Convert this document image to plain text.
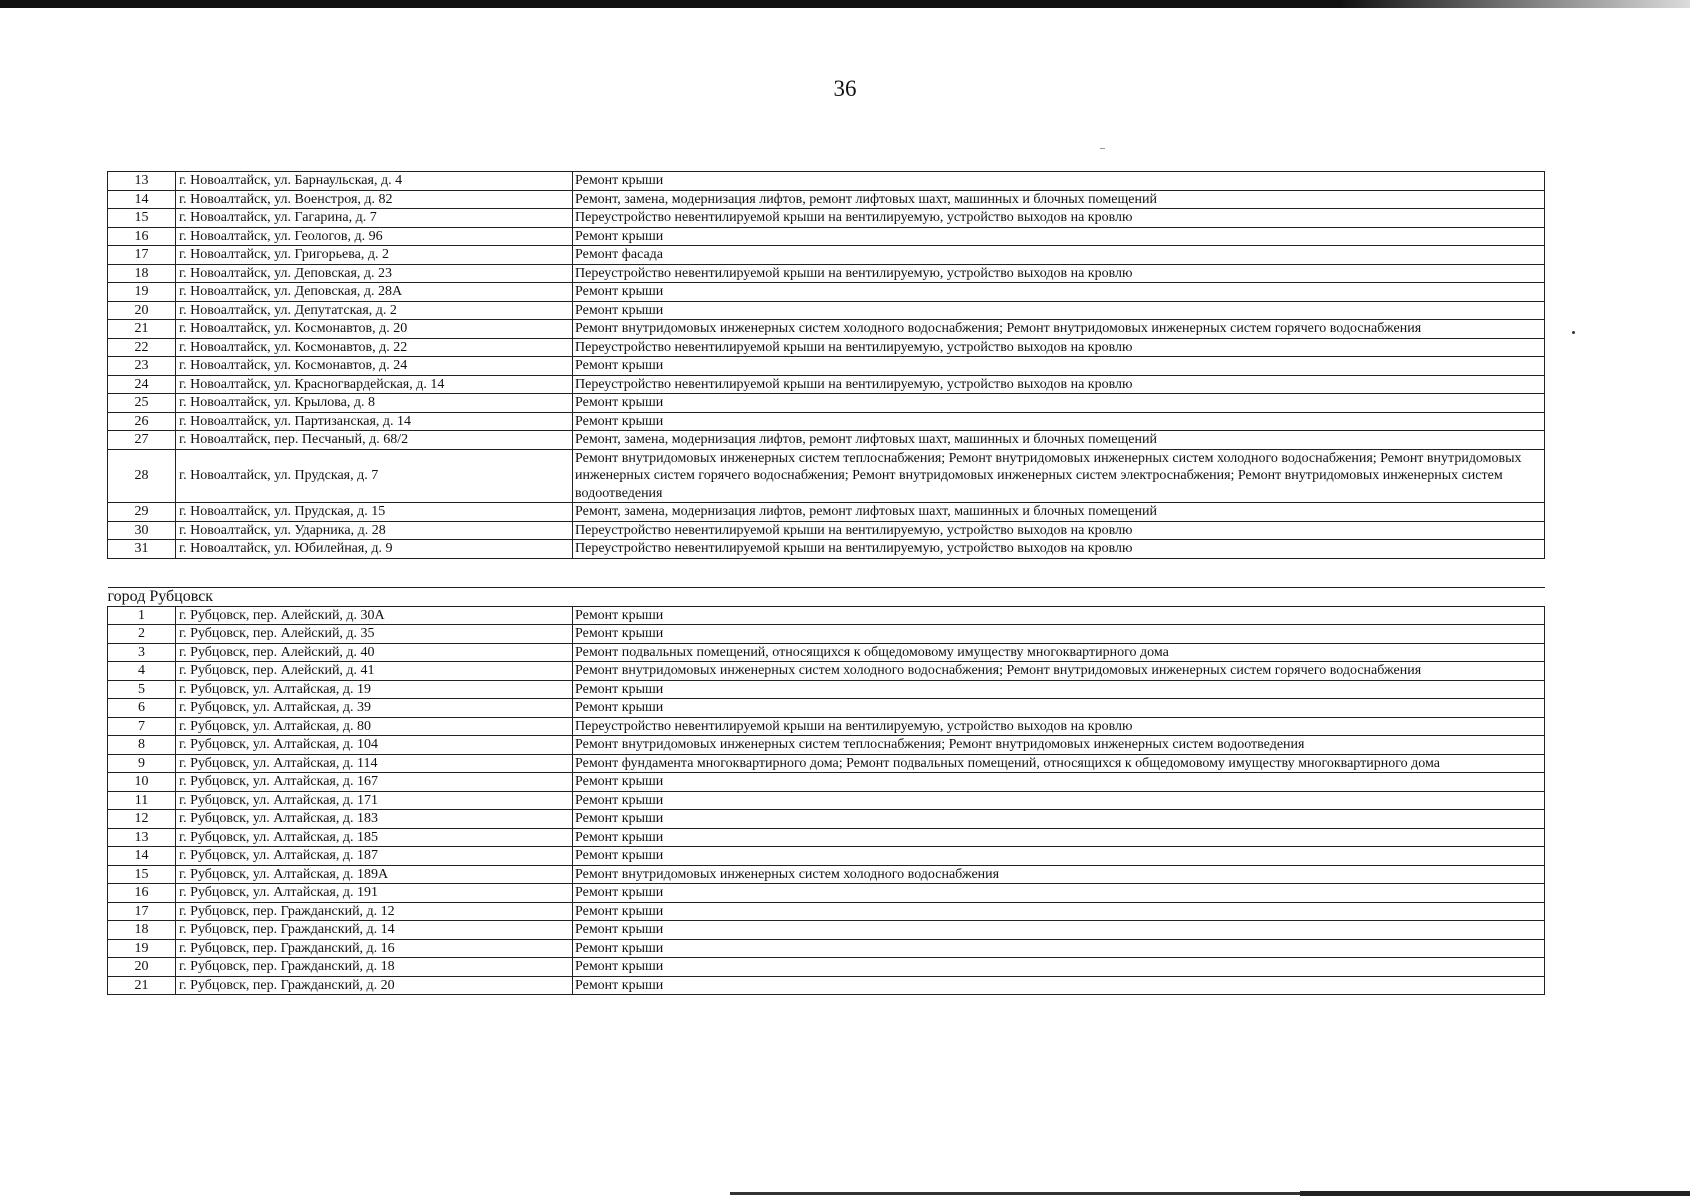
36
13	г. Новоалтайск, ул. Барнаульская, д. 4	Ремонт крыши
14	г. Новоалтайск, ул. Военстроя, д. 82	Ремонт, замена, модернизация лифтов, ремонт лифтовых шахт, машинных и блочных помещений
15	г. Новоалтайск, ул. Гагарина, д. 7	Переустройство невентилируемой крыши на вентилируемую, устройство выходов на кровлю
16	г. Новоалтайск, ул. Геологов, д. 96	Ремонт крыши
17	г. Новоалтайск, ул. Григорьева, д. 2	Ремонт фасада
18	г. Новоалтайск, ул. Деповская, д. 23	Переустройство невентилируемой крыши на вентилируемую, устройство выходов на кровлю
19	г. Новоалтайск, ул. Деповская, д. 28А	Ремонт крыши
20	г. Новоалтайск, ул. Депутатская, д. 2	Ремонт крыши
21	г. Новоалтайск, ул. Космонавтов, д. 20	Ремонт внутридомовых инженерных систем холодного водоснабжения; Ремонт внутридомовых инженерных систем горячего водоснабжения
22	г. Новоалтайск, ул. Космонавтов, д. 22	Переустройство невентилируемой крыши на вентилируемую, устройство выходов на кровлю
23	г. Новоалтайск, ул. Космонавтов, д. 24	Ремонт крыши
24	г. Новоалтайск, ул. Красногвардейская, д. 14	Переустройство невентилируемой крыши на вентилируемую, устройство выходов на кровлю
25	г. Новоалтайск, ул. Крылова, д. 8	Ремонт крыши
26	г. Новоалтайск, ул. Партизанская, д. 14	Ремонт крыши
27	г. Новоалтайск, пер. Песчаный, д. 68/2	Ремонт, замена, модернизация лифтов, ремонт лифтовых шахт, машинных и блочных помещений
28	г. Новоалтайск, ул. Прудская, д. 7	Ремонт внутридомовых инженерных систем теплоснабжения; Ремонт внутридомовых инженерных систем холодного водоснабжения; Ремонт внутридомовых инженерных систем горячего водоснабжения; Ремонт внутридомовых инженерных систем электроснабжения; Ремонт внутридомовых инженерных систем водоотведения
29	г. Новоалтайск, ул. Прудская, д. 15	Ремонт, замена, модернизация лифтов, ремонт лифтовых шахт, машинных и блочных помещений
30	г. Новоалтайск, ул. Ударника, д. 28	Переустройство невентилируемой крыши на вентилируемую, устройство выходов на кровлю
31	г. Новоалтайск, ул. Юбилейная, д. 9	Переустройство невентилируемой крыши на вентилируемую, устройство выходов на кровлю

город Рубцовск		
1	г. Рубцовск, пер. Алейский, д. 30А	Ремонт крыши
2	г. Рубцовск, пер. Алейский, д. 35	Ремонт крыши
3	г. Рубцовск, пер. Алейский, д. 40	Ремонт подвальных помещений, относящихся к общедомовому имуществу многоквартирного дома
4	г. Рубцовск, пер. Алейский, д. 41	Ремонт внутридомовых инженерных систем холодного водоснабжения; Ремонт внутридомовых инженерных систем горячего водоснабжения
5	г. Рубцовск, ул. Алтайская, д. 19	Ремонт крыши
6	г. Рубцовск, ул. Алтайская, д. 39	Ремонт крыши
7	г. Рубцовск, ул. Алтайская, д. 80	Переустройство невентилируемой крыши на вентилируемую, устройство выходов на кровлю
8	г. Рубцовск, ул. Алтайская, д. 104	Ремонт внутридомовых инженерных систем теплоснабжения; Ремонт внутридомовых инженерных систем водоотведения
9	г. Рубцовск, ул. Алтайская, д. 114	Ремонт фундамента многоквартирного дома; Ремонт подвальных помещений, относящихся к общедомовому имуществу многоквартирного дома
10	г. Рубцовск, ул. Алтайская, д. 167	Ремонт крыши
11	г. Рубцовск, ул. Алтайская, д. 171	Ремонт крыши
12	г. Рубцовск, ул. Алтайская, д. 183	Ремонт крыши
13	г. Рубцовск, ул. Алтайская, д. 185	Ремонт крыши
14	г. Рубцовск, ул. Алтайская, д. 187	Ремонт крыши
15	г. Рубцовск, ул. Алтайская, д. 189А	Ремонт внутридомовых инженерных систем холодного водоснабжения
16	г. Рубцовск, ул. Алтайская, д. 191	Ремонт крыши
17	г. Рубцовск, пер. Гражданский, д. 12	Ремонт крыши
18	г. Рубцовск, пер. Гражданский, д. 14	Ремонт крыши
19	г. Рубцовск, пер. Гражданский, д. 16	Ремонт крыши
20	г. Рубцовск, пер. Гражданский, д. 18	Ремонт крыши
21	г. Рубцовск, пер. Гражданский, д. 20	Ремонт крыши
